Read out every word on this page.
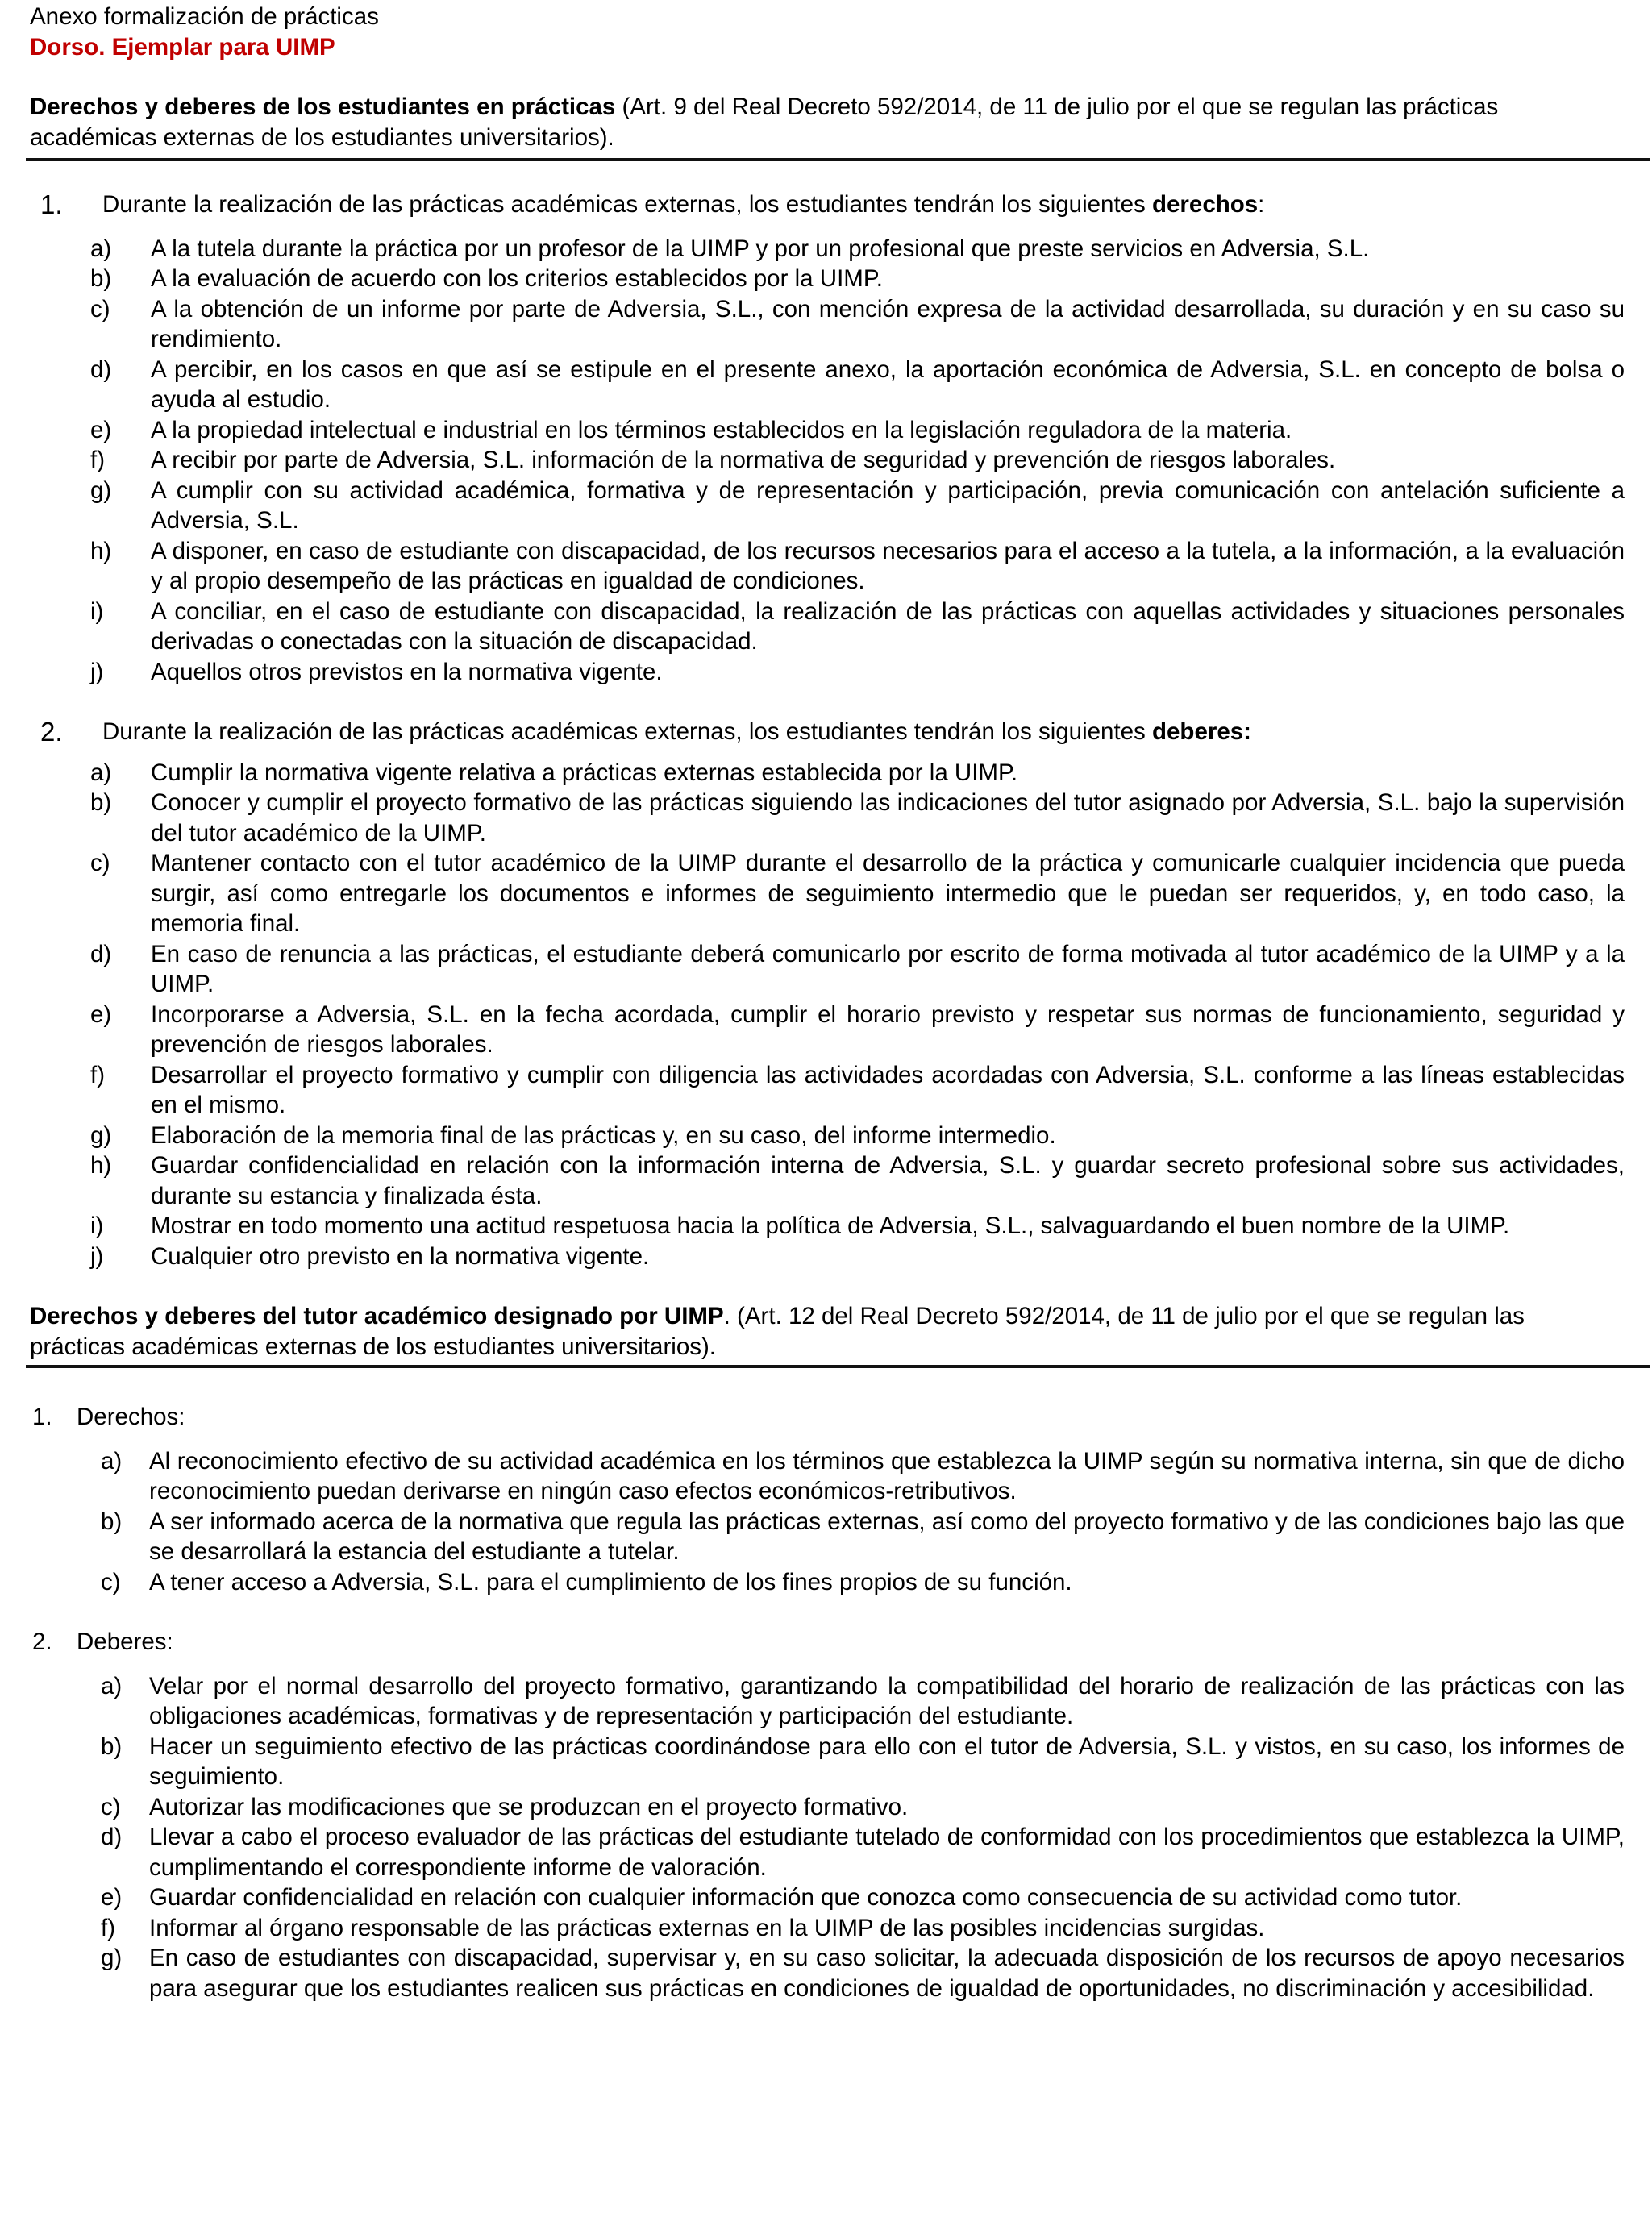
Anexo formalización de prácticas
Dorso. Ejemplar para UIMP
Derechos y deberes de los estudiantes en prácticas (Art. 9 del Real Decreto 592/2014, de 11 de julio por el que se regulan las prácticas académicas externas de los estudiantes universitarios).
1.	Durante la realización de las prácticas académicas externas, los estudiantes tendrán los siguientes derechos:
a)	A la tutela durante la práctica por un profesor de la UIMP y por un profesional que preste servicios en Adversia, S.L.
b)	A la evaluación de acuerdo con los criterios establecidos por la UIMP.
c)	A la obtención de un informe por parte de Adversia, S.L., con mención expresa de la actividad desarrollada, su duración y en su caso su rendimiento.
d)	A percibir, en los casos en que así se estipule en el presente anexo, la aportación económica de Adversia, S.L. en concepto de bolsa o ayuda al estudio.
e)	A la propiedad intelectual e industrial en los términos establecidos en la legislación reguladora de la materia.
f)	A recibir por parte de Adversia, S.L. información de la normativa de seguridad y prevención de riesgos laborales.
g)	A cumplir con su actividad académica, formativa y de representación y participación, previa comunicación con antelación suficiente a Adversia, S.L.
h)	A disponer, en caso de estudiante con discapacidad, de los recursos necesarios para el acceso a la tutela, a la información, a la evaluación y al propio desempeño de las prácticas en igualdad de condiciones.
i)	A conciliar, en el caso de estudiante con discapacidad, la realización de las prácticas con aquellas actividades y situaciones personales derivadas o conectadas con la situación de discapacidad.
j)	Aquellos otros previstos en la normativa vigente.
2.	Durante la realización de las prácticas académicas externas, los estudiantes tendrán los siguientes deberes:
a)	Cumplir la normativa vigente relativa a prácticas externas establecida por la UIMP.
b)	Conocer y cumplir el proyecto formativo de las prácticas siguiendo las indicaciones del tutor asignado por Adversia, S.L. bajo la supervisión del tutor académico de la UIMP.
c)	Mantener contacto con el tutor académico de la UIMP durante el desarrollo de la práctica y comunicarle cualquier incidencia que pueda surgir, así como entregarle los documentos e informes de seguimiento intermedio que le puedan ser requeridos, y, en todo caso, la memoria final.
d)	En caso de renuncia a las prácticas, el estudiante deberá comunicarlo por escrito de forma motivada al tutor académico de la UIMP y a la UIMP.
e)	Incorporarse a Adversia, S.L. en la fecha acordada, cumplir el horario previsto y respetar sus normas de funcionamiento, seguridad y prevención de riesgos laborales.
f)	Desarrollar el proyecto formativo y cumplir con diligencia las actividades acordadas con Adversia, S.L. conforme a las líneas establecidas en el mismo.
g)	Elaboración de la memoria final de las prácticas y, en su caso, del informe intermedio.
h)	Guardar confidencialidad en relación con la información interna de Adversia, S.L. y guardar secreto profesional sobre sus actividades, durante su estancia y finalizada ésta.
i)	Mostrar en todo momento una actitud respetuosa hacia la política de Adversia, S.L., salvaguardando el buen nombre de la UIMP.
j)	Cualquier otro previsto en la normativa vigente.
Derechos y deberes del tutor académico designado por UIMP. (Art. 12 del Real Decreto 592/2014, de 11 de julio por el que se regulan las prácticas académicas externas de los estudiantes universitarios).
1.	Derechos:
a)	Al reconocimiento efectivo de su actividad académica en los términos que establezca la UIMP según su normativa interna, sin que de dicho reconocimiento puedan derivarse en ningún caso efectos económicos-retributivos.
b)	A ser informado acerca de la normativa que regula las prácticas externas, así como del proyecto formativo y de las condiciones bajo las que se desarrollará la estancia del estudiante a tutelar.
c)	A tener acceso a Adversia, S.L. para el cumplimiento de los fines propios de su función.
2.	Deberes:
a)	Velar por el normal desarrollo del proyecto formativo, garantizando la compatibilidad del horario de realización de las prácticas con las obligaciones académicas, formativas y de representación y participación del estudiante.
b)	Hacer un seguimiento efectivo de las prácticas coordinándose para ello con el tutor de Adversia, S.L. y vistos, en su caso, los informes de seguimiento.
c)	Autorizar las modificaciones que se produzcan en el proyecto formativo.
d)	Llevar a cabo el proceso evaluador de las prácticas del estudiante tutelado de conformidad con los procedimientos que establezca la UIMP, cumplimentando el correspondiente informe de valoración.
e)	Guardar confidencialidad en relación con cualquier información que conozca como consecuencia de su actividad como tutor.
f)	Informar al órgano responsable de las prácticas externas en la UIMP de las posibles incidencias surgidas.
g)	En caso de estudiantes con discapacidad, supervisar y, en su caso solicitar, la adecuada disposición de los recursos de apoyo necesarios para asegurar que los estudiantes realicen sus prácticas en condiciones de igualdad de oportunidades, no discriminación y accesibilidad.
